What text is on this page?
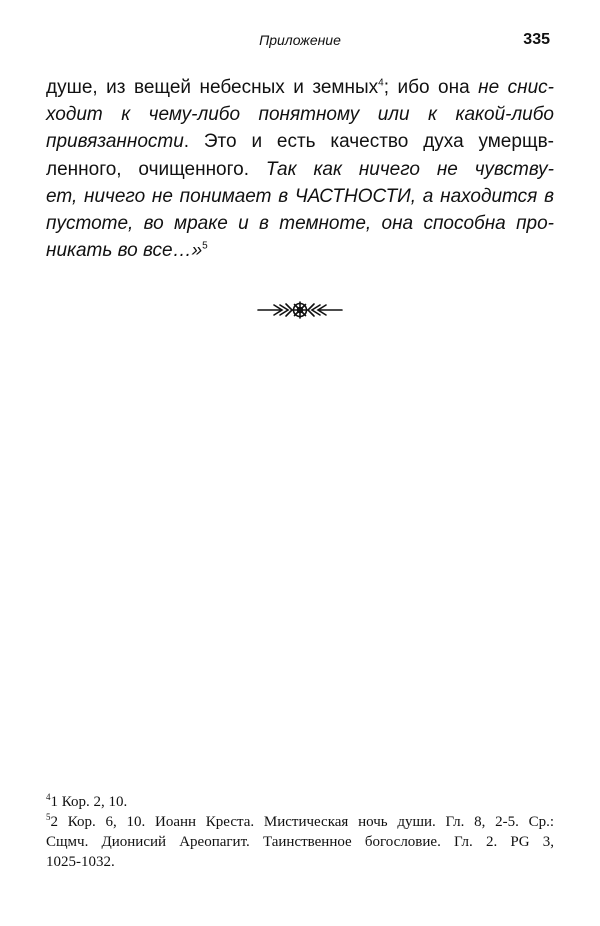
Приложение	335
душе, из вещей небесных и земных$^4$; ибо она не снис-
ходит к чему-либо понятному или к какой-либо
привязанности. Это и есть качество духа умерщв-
ленного, очищенного. Так как ничего не чувству-
ет, ничего не понимает в ЧАСТНОСТИ, а находится в
пустоте, во мраке и в темноте, она способна про-
никать во все…»$^5$
$^4$1 Кор. 2, 10.
$^5$2 Кор. 6, 10. Иоанн Креста. Мистическая ночь души. Гл. 8, 2-5. Ср.:
Сщмч. Дионисий Ареопагит. Таинственное богословие. Гл. 2. PG 3,
1025-1032.
